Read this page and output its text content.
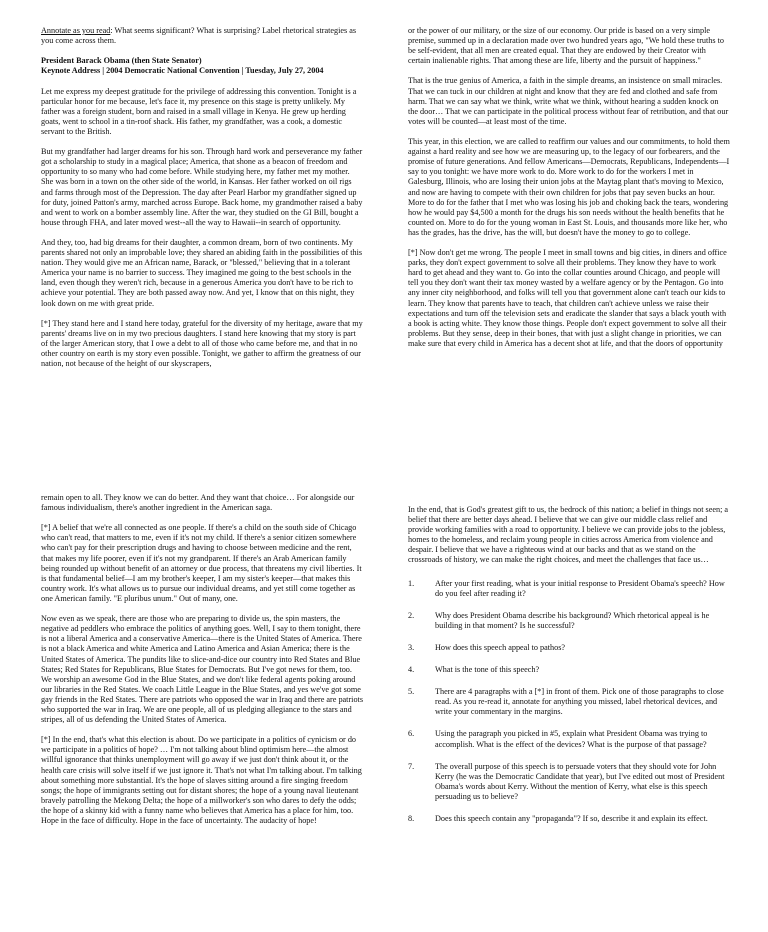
Annotate as you read: What seems significant? What is surprising? Label rhetorical strategies as you come across them.

President Barack Obama (then State Senator)
Keynote Address | 2004 Democratic National Convention | Tuesday, July 27, 2004

Let me express my deepest gratitude for the privilege of addressing this convention. Tonight is a particular honor for me because, let's face it, my presence on this stage is pretty unlikely. My father was a foreign student, born and raised in a small village in Kenya. He grew up herding goats, went to school in a tin-roof shack. His father, my grandfather, was a cook, a domestic servant to the British.

But my grandfather had larger dreams for his son. Through hard work and perseverance my father got a scholarship to study in a magical place; America, that shone as a beacon of freedom and opportunity to so many who had come before. While studying here, my father met my mother. She was born in a town on the other side of the world, in Kansas. Her father worked on oil rigs and farms through most of the Depression. The day after Pearl Harbor my grandfather signed up for duty, joined Patton's army, marched across Europe. Back home, my grandmother raised a baby and went to work on a bomber assembly line. After the war, they studied on the GI Bill, bought a house through FHA, and later moved west--all the way to Hawaii--in search of opportunity.

And they, too, had big dreams for their daughter, a common dream, born of two continents. My parents shared not only an improbable love; they shared an abiding faith in the possibilities of this nation. They would give me an African name, Barack, or "blessed," believing that in a tolerant America your name is no barrier to success. They imagined me going to the best schools in the land, even though they weren't rich, because in a generous America you don't have to be rich to achieve your potential. They are both passed away now. And yet, I know that on this night, they look down on me with great pride.

[*] They stand here and I stand here today, grateful for the diversity of my heritage, aware that my parents' dreams live on in my two precious daughters. I stand here knowing that my story is part of the larger American story, that I owe a debt to all of those who came before me, and that in no other country on earth is my story even possible. Tonight, we gather to affirm the greatness of our nation, not because of the height of our skyscrapers,

or the power of our military, or the size of our economy. Our pride is based on a very simple premise, summed up in a declaration made over two hundred years ago, "We hold these truths to be self-evident, that all men are created equal. That they are endowed by their Creator with certain inalienable rights. That among these are life, liberty and the pursuit of happiness."

That is the true genius of America, a faith in the simple dreams, an insistence on small miracles. That we can tuck in our children at night and know that they are fed and clothed and safe from harm. That we can say what we think, write what we think, without hearing a sudden knock on the door… That we can participate in the political process without fear of retribution, and that our votes will be counted—at least most of the time.

This year, in this election, we are called to reaffirm our values and our commitments, to hold them against a hard reality and see how we are measuring up, to the legacy of our forbearers, and the promise of future generations. And fellow Americans—Democrats, Republicans, Independents—I say to you tonight: we have more work to do. More work to do for the workers I met in Galesburg, Illinois, who are losing their union jobs at the Maytag plant that's moving to Mexico, and now are having to compete with their own children for jobs that pay seven bucks an hour. More to do for the father that I met who was losing his job and choking back the tears, wondering how he would pay $4,500 a month for the drugs his son needs without the health benefits that he counted on. More to do for the young woman in East St. Louis, and thousands more like her, who has the grades, has the drive, has the will, but doesn't have the money to go to college.

[*] Now don't get me wrong. The people I meet in small towns and big cities, in diners and office parks, they don't expect government to solve all their problems. They know they have to work hard to get ahead and they want to. Go into the collar counties around Chicago, and people will tell you they don't want their tax money wasted by a welfare agency or by the Pentagon. Go into any inner city neighborhood, and folks will tell you that government alone can't teach our kids to learn. They know that parents have to teach, that children can't achieve unless we raise their expectations and turn off the television sets and eradicate the slander that says a black youth with a book is acting white. They know those things. People don't expect government to solve all their problems. But they sense, deep in their bones, that with just a slight change in priorities, we can make sure that every child in America has a decent shot at life, and that the doors of opportunity

remain open to all. They know we can do better. And they want that choice… For alongside our famous individualism, there's another ingredient in the American saga.

[*] A belief that we're all connected as one people. If there's a child on the south side of Chicago who can't read, that matters to me, even if it's not my child. If there's a senior citizen somewhere who can't pay for their prescription drugs and having to choose between medicine and the rent, that makes my life poorer, even if it's not my grandparent. If there's an Arab American family being rounded up without benefit of an attorney or due process, that threatens my civil liberties. It is that fundamental belief—I am my brother's keeper, I am my sister's keeper—that makes this country work. It's what allows us to pursue our individual dreams, and yet still come together as one American family. "E pluribus unum." Out of many, one.

Now even as we speak, there are those who are preparing to divide us, the spin masters, the negative ad peddlers who embrace the politics of anything goes. Well, I say to them tonight, there is not a liberal America and a conservative America—there is the United States of America. There is not a black America and white America and Latino America and Asian America; there is the United States of America. The pundits like to slice-and-dice our country into Red States and Blue States; Red States for Republicans, Blue States for Democrats. But I've got news for them, too. We worship an awesome God in the Blue States, and we don't like federal agents poking around our libraries in the Red States. We coach Little League in the Blue States, and yes we've got some gay friends in the Red States. There are patriots who opposed the war in Iraq and there are patriots who supported the war in Iraq. We are one people, all of us pledging allegiance to the stars and stripes, all of us defending the United States of America.

[*] In the end, that's what this election is about. Do we participate in a politics of cynicism or do we participate in a politics of hope? … I'm not talking about blind optimism here—the almost willful ignorance that thinks unemployment will go away if we just don't think about it, or the health care crisis will solve itself if we just ignore it. That's not what I'm talking about. I'm talking about something more substantial. It's the hope of slaves sitting around a fire singing freedom songs; the hope of immigrants setting out for distant shores; the hope of a young naval lieutenant bravely patrolling the Mekong Delta; the hope of a millworker's son who dares to defy the odds; the hope of a skinny kid with a funny name who believes that America has a place for him, too. Hope in the face of difficulty. Hope in the face of uncertainty. The audacity of hope!

In the end, that is God's greatest gift to us, the bedrock of this nation; a belief in things not seen; a belief that there are better days ahead. I believe that we can give our middle class relief and provide working families with a road to opportunity. I believe we can provide jobs to the jobless, homes to the homeless, and reclaim young people in cities across America from violence and despair. I believe that we have a righteous wind at our backs and that as we stand on the crossroads of history, we can make the right choices, and meet the challenges that face us…

1.	After your first reading, what is your initial response to President Obama's speech? How do you feel after reading it?
2.	Why does President Obama describe his background? Which rhetorical appeal is he building in that moment? Is he successful?
3.	How does this speech appeal to pathos?
4.	What is the tone of this speech?
5.	There are 4 paragraphs with a [*] in front of them. Pick one of those paragraphs to close read. As you re-read it, annotate for anything you missed, label rhetorical devices, and write your commentary in the margins.
6.	Using the paragraph you picked in #5, explain what President Obama was trying to accomplish. What is the effect of the devices? What is the purpose of that passage?
7.	The overall purpose of this speech is to persuade voters that they should vote for John Kerry (he was the Democratic Candidate that year), but I've edited out most of President Obama's words about Kerry. Without the mention of Kerry, what else is this speech persuading us to believe?
8.	Does this speech contain any "propaganda"? If so, describe it and explain its effect.
